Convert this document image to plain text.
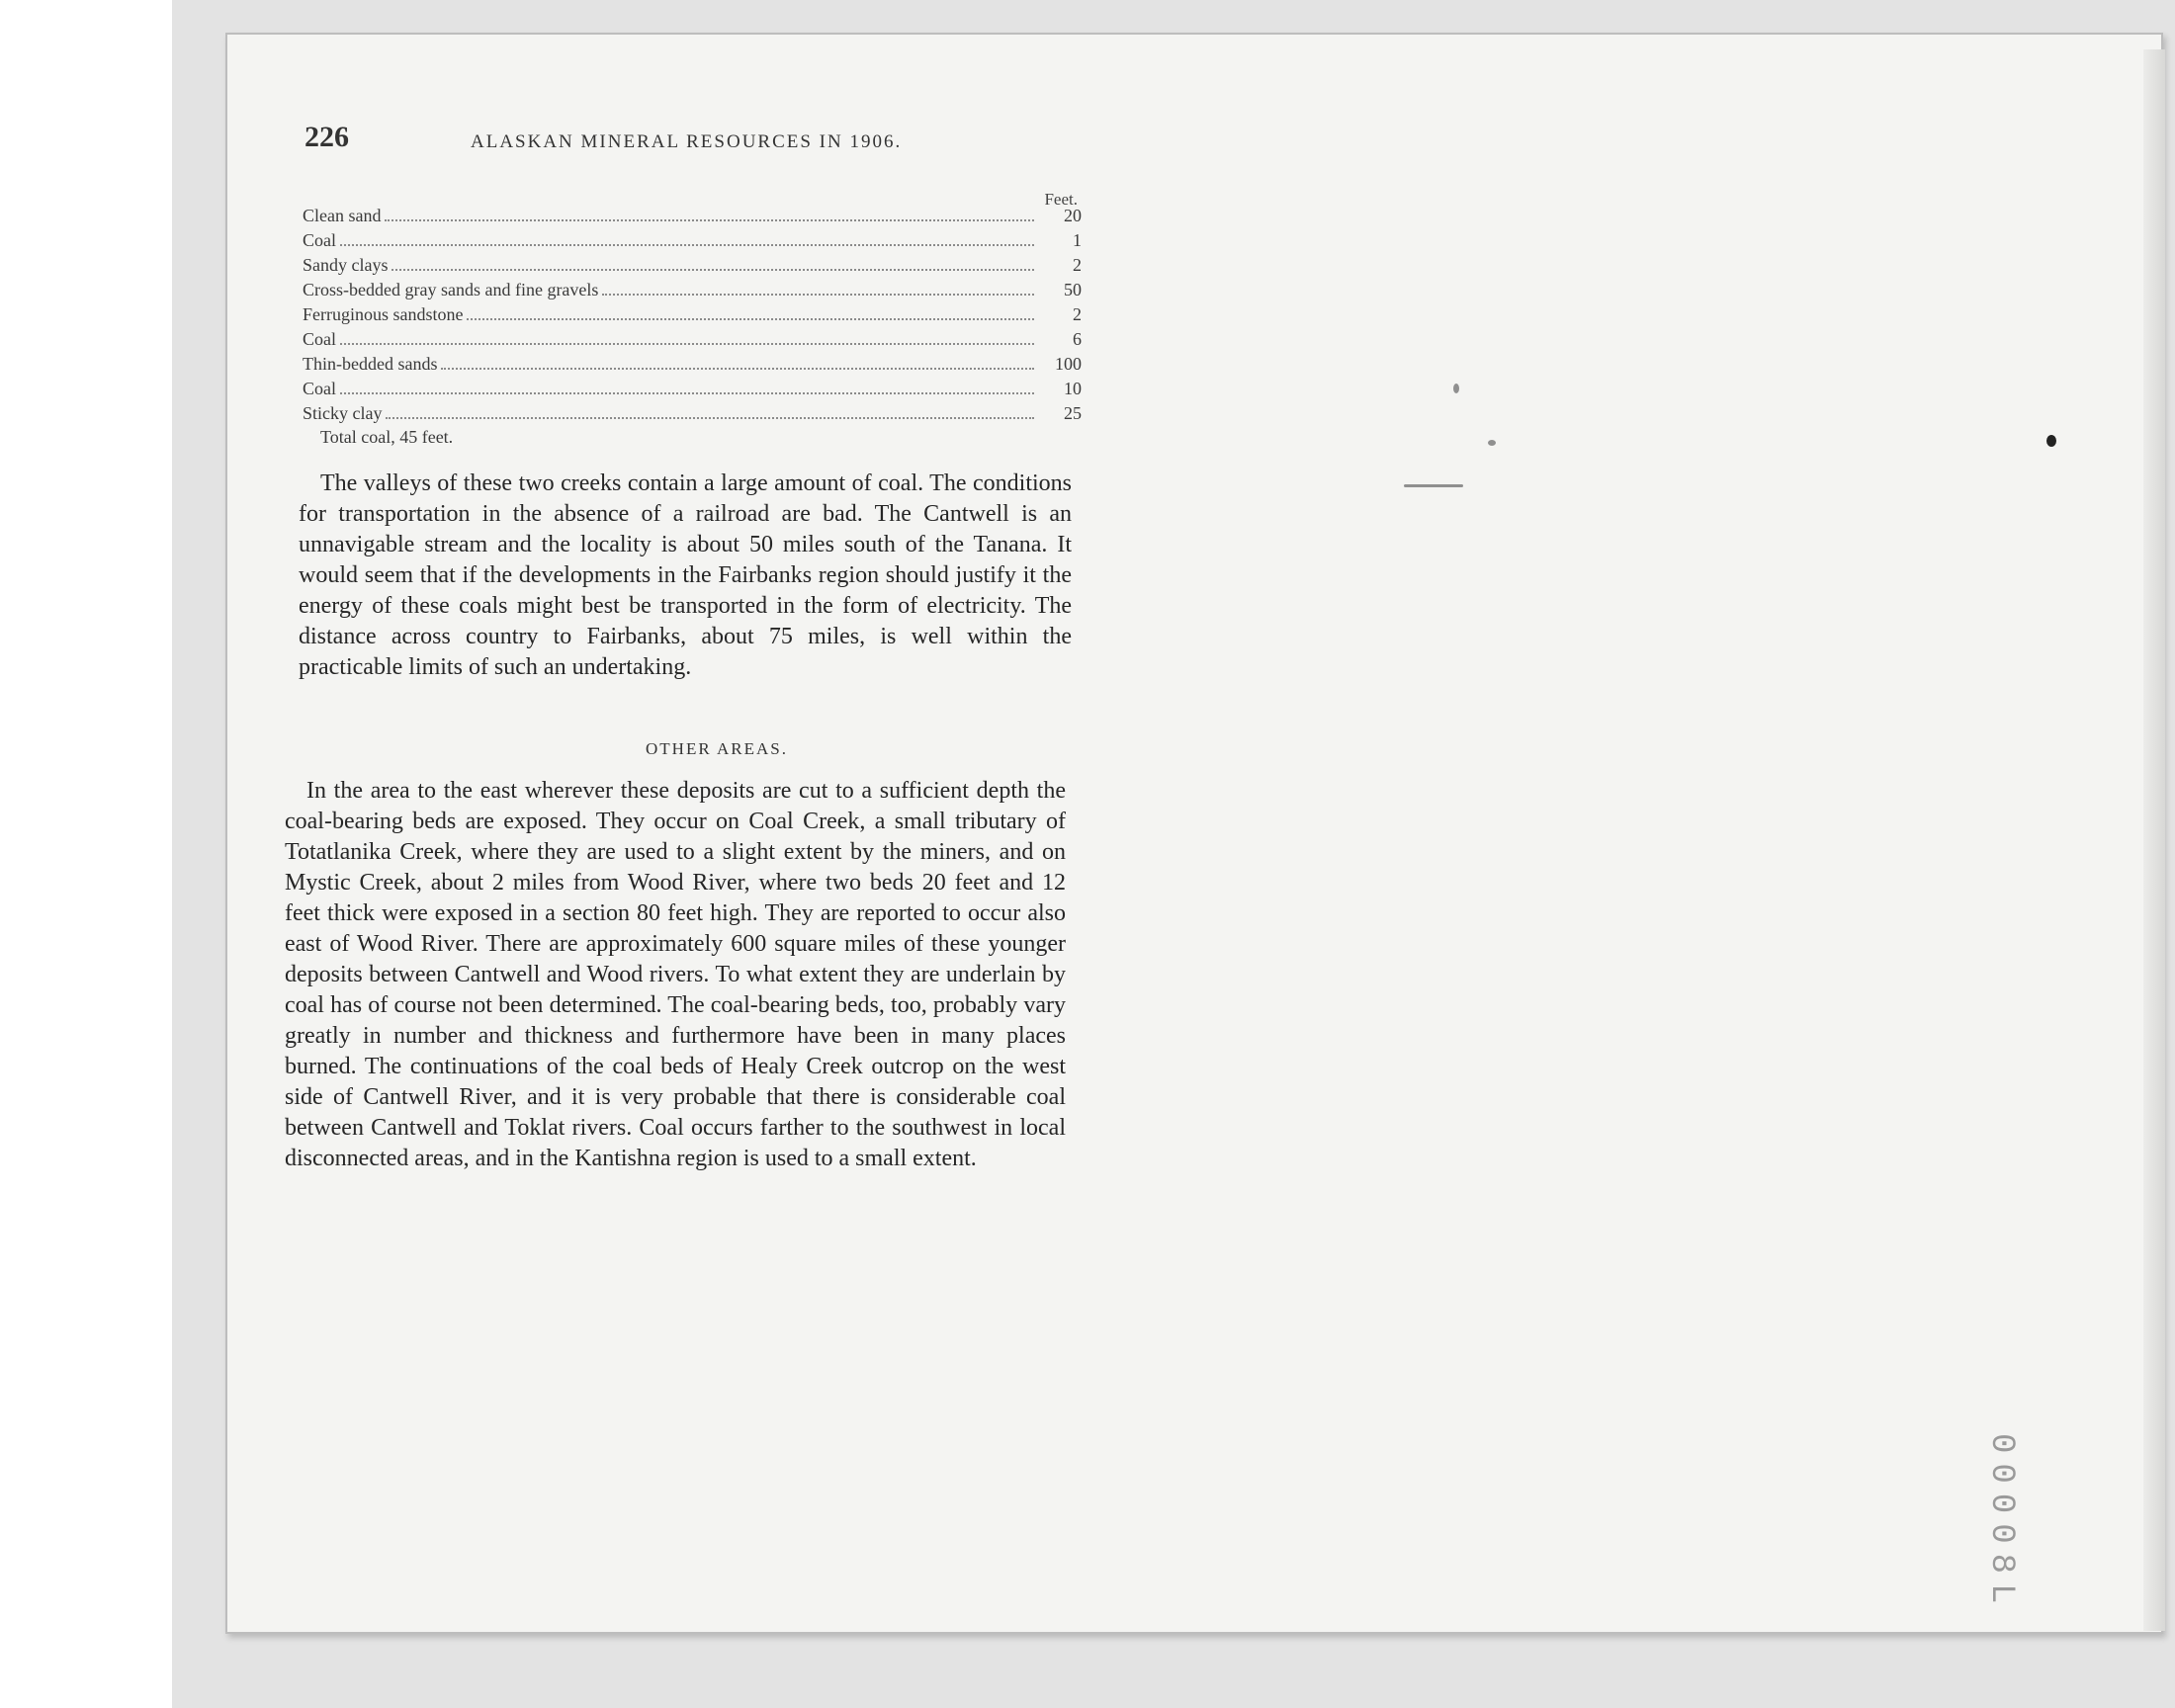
226	ALASKAN MINERAL RESOURCES IN 1906.
Feet.
Clean sand	20
Coal	1
Sandy clays	2
Cross-bedded gray sands and fine gravels	50
Ferruginous sandstone	2
Coal	6
Thin-bedded sands	100
Coal	10
Sticky clay	25
Total coal, 45 feet.

The valleys of these two creeks contain a large amount of coal. The conditions for transportation in the absence of a railroad are bad. The Cantwell is an unnavigable stream and the locality is about 50 miles south of the Tanana. It would seem that if the developments in the Fairbanks region should justify it the energy of these coals might best be transported in the form of electricity. The distance across country to Fairbanks, about 75 miles, is well within the practicable limits of such an undertaking.

OTHER AREAS.

In the area to the east wherever these deposits are cut to a sufficient depth the coal-bearing beds are exposed. They occur on Coal Creek, a small tributary of Totatlanika Creek, where they are used to a slight extent by the miners, and on Mystic Creek, about 2 miles from Wood River, where two beds 20 feet and 12 feet thick were exposed in a section 80 feet high. They are reported to occur also east of Wood River. There are approximately 600 square miles of these younger deposits between Cantwell and Wood rivers. To what extent they are underlain by coal has of course not been determined. The coal-bearing beds, too, probably vary greatly in number and thickness and furthermore have been in many places burned. The continuations of the coal beds of Healy Creek outcrop on the west side of Cantwell River, and it is very probable that there is considerable coal between Cantwell and Toklat rivers. Coal occurs farther to the southwest in local disconnected areas, and in the Kantishna region is used to a small extent.

00008L
